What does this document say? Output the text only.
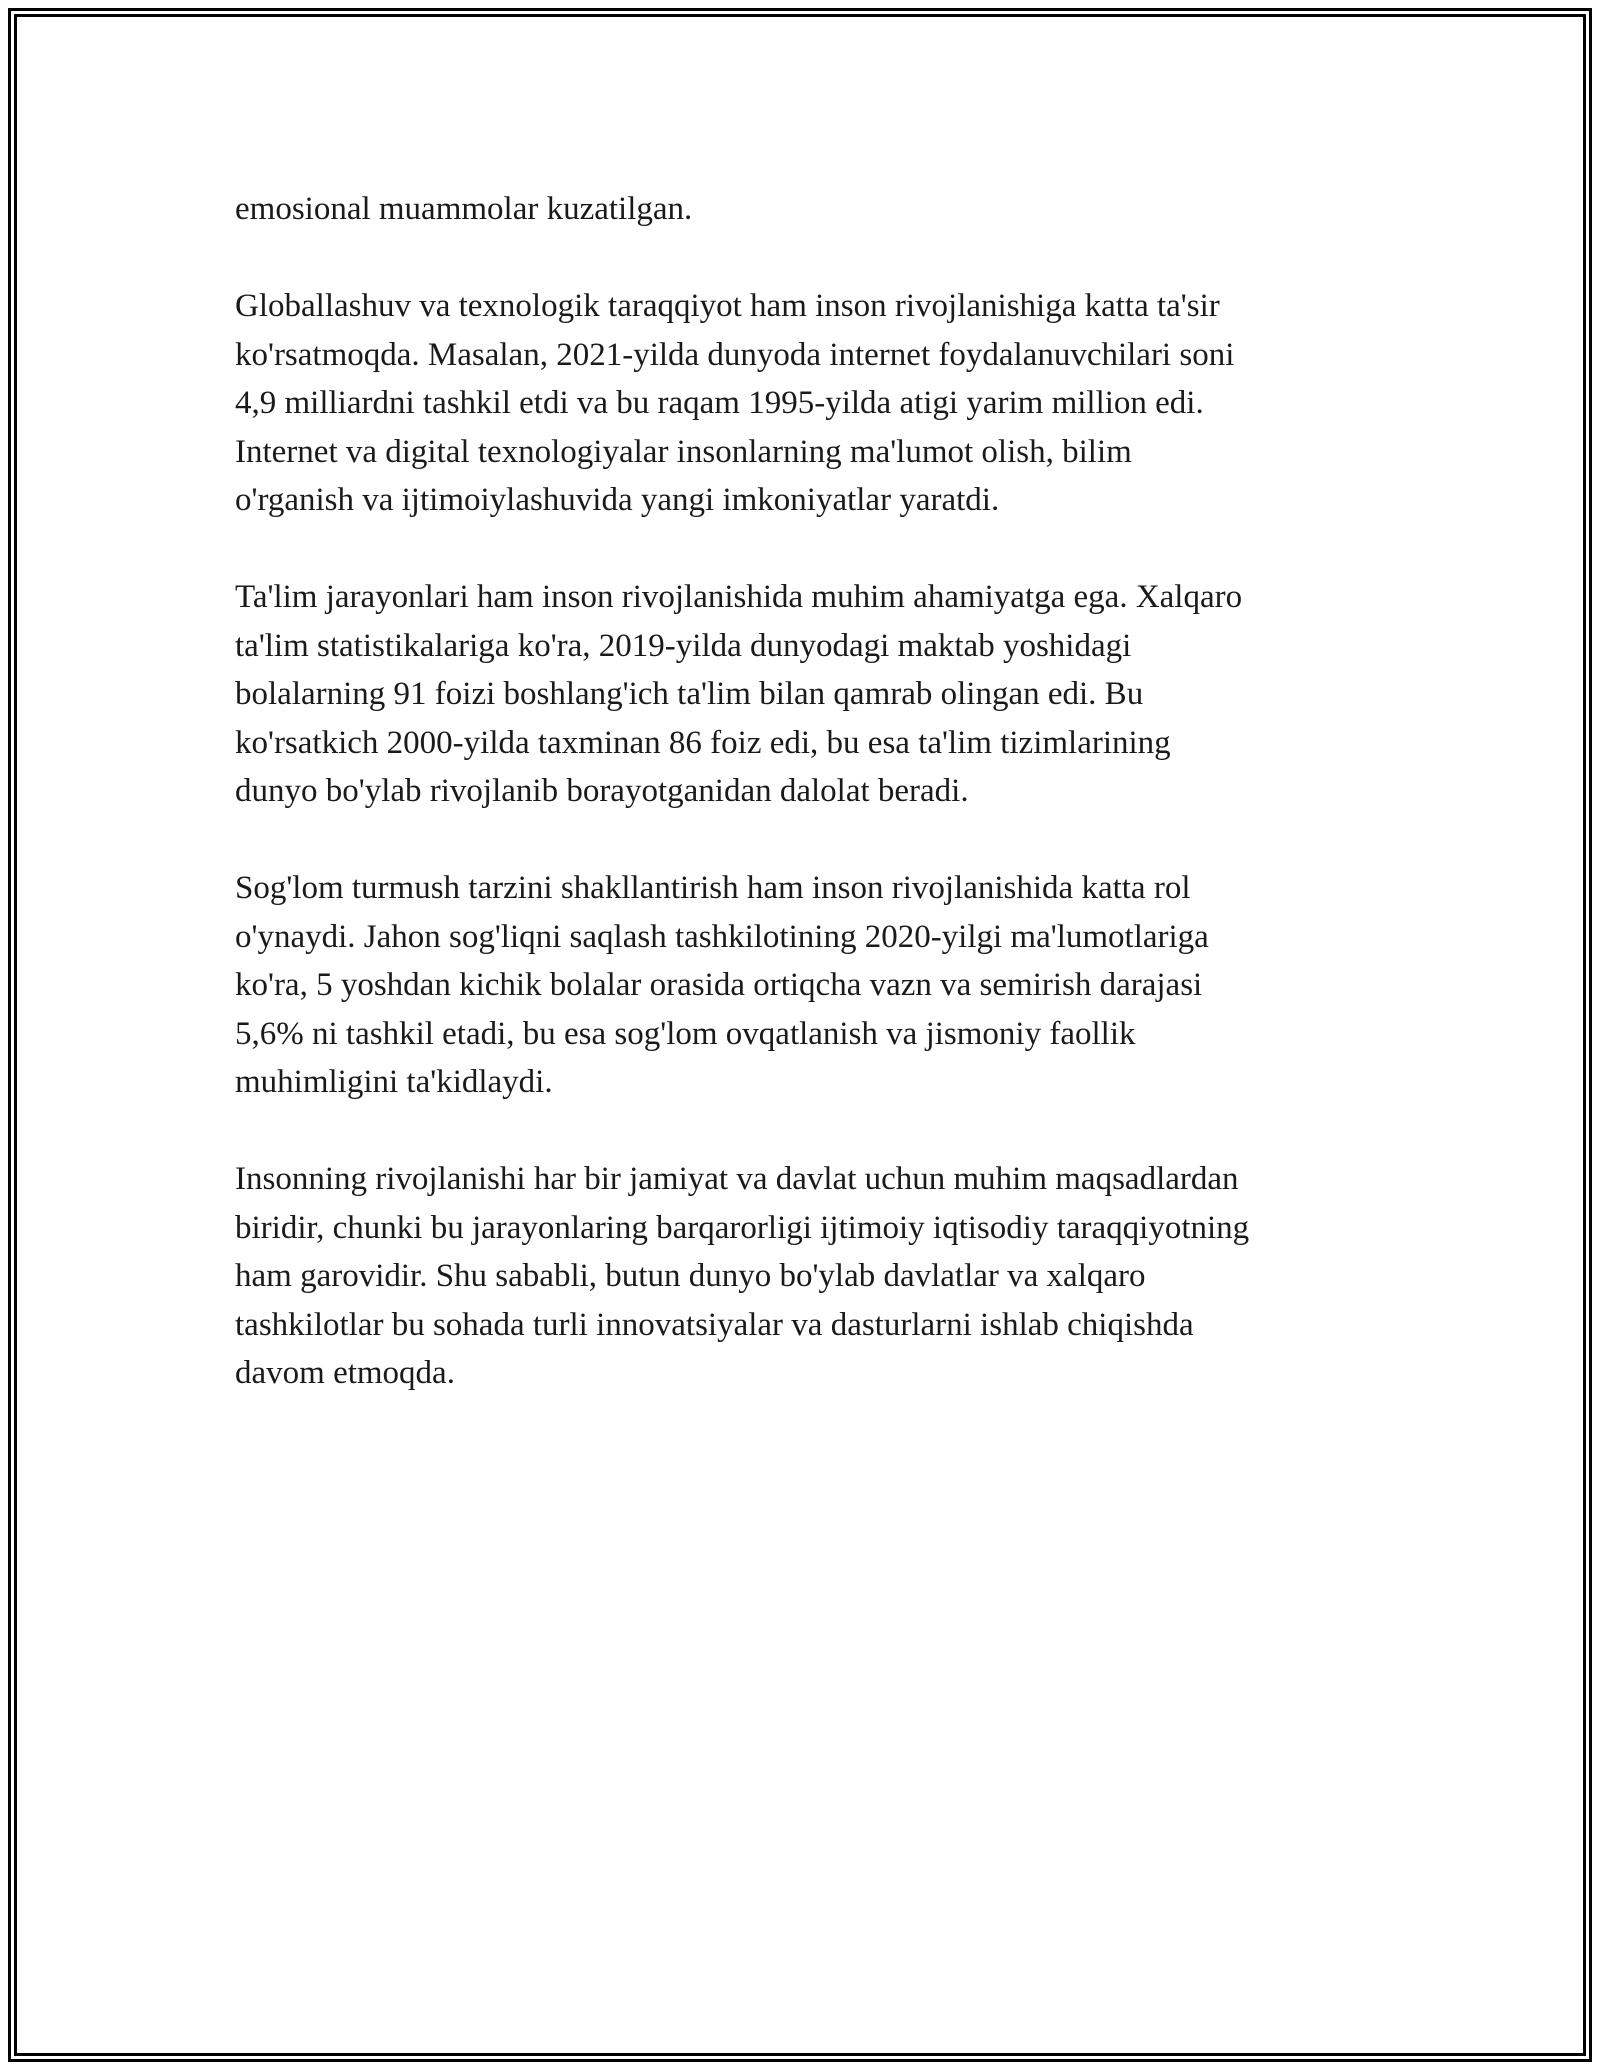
emosional muammolar kuzatilgan.

Globallashuv va texnologik taraqqiyot ham inson rivojlanishiga katta ta'sir
ko'rsatmoqda. Masalan, 2021-yilda dunyoda internet foydalanuvchilari soni
4,9 milliardni tashkil etdi va bu raqam 1995-yilda atigi yarim million edi.
Internet va digital texnologiyalar insonlarning ma'lumot olish, bilim
o'rganish va ijtimoiylashuvida yangi imkoniyatlar yaratdi.

Ta'lim jarayonlari ham inson rivojlanishida muhim ahamiyatga ega. Xalqaro
ta'lim statistikalariga ko'ra, 2019-yilda dunyodagi maktab yoshidagi
bolalarning 91 foizi boshlang'ich ta'lim bilan qamrab olingan edi. Bu
ko'rsatkich 2000-yilda taxminan 86 foiz edi, bu esa ta'lim tizimlarining
dunyo bo'ylab rivojlanib borayotganidan dalolat beradi.

Sog'lom turmush tarzini shakllantirish ham inson rivojlanishida katta rol
o'ynaydi. Jahon sog'liqni saqlash tashkilotining 2020-yilgi ma'lumotlariga
ko'ra, 5 yoshdan kichik bolalar orasida ortiqcha vazn va semirish darajasi
5,6% ni tashkil etadi, bu esa sog'lom ovqatlanish va jismoniy faollik
muhimligini ta'kidlaydi.

Insonning rivojlanishi har bir jamiyat va davlat uchun muhim maqsadlardan
biridir, chunki bu jarayonlaring barqarorligi ijtimoiy iqtisodiy taraqqiyotning
ham garovidir. Shu sababli, butun dunyo bo'ylab davlatlar va xalqaro
tashkilotlar bu sohada turli innovatsiyalar va dasturlarni ishlab chiqishda
davom etmoqda.
